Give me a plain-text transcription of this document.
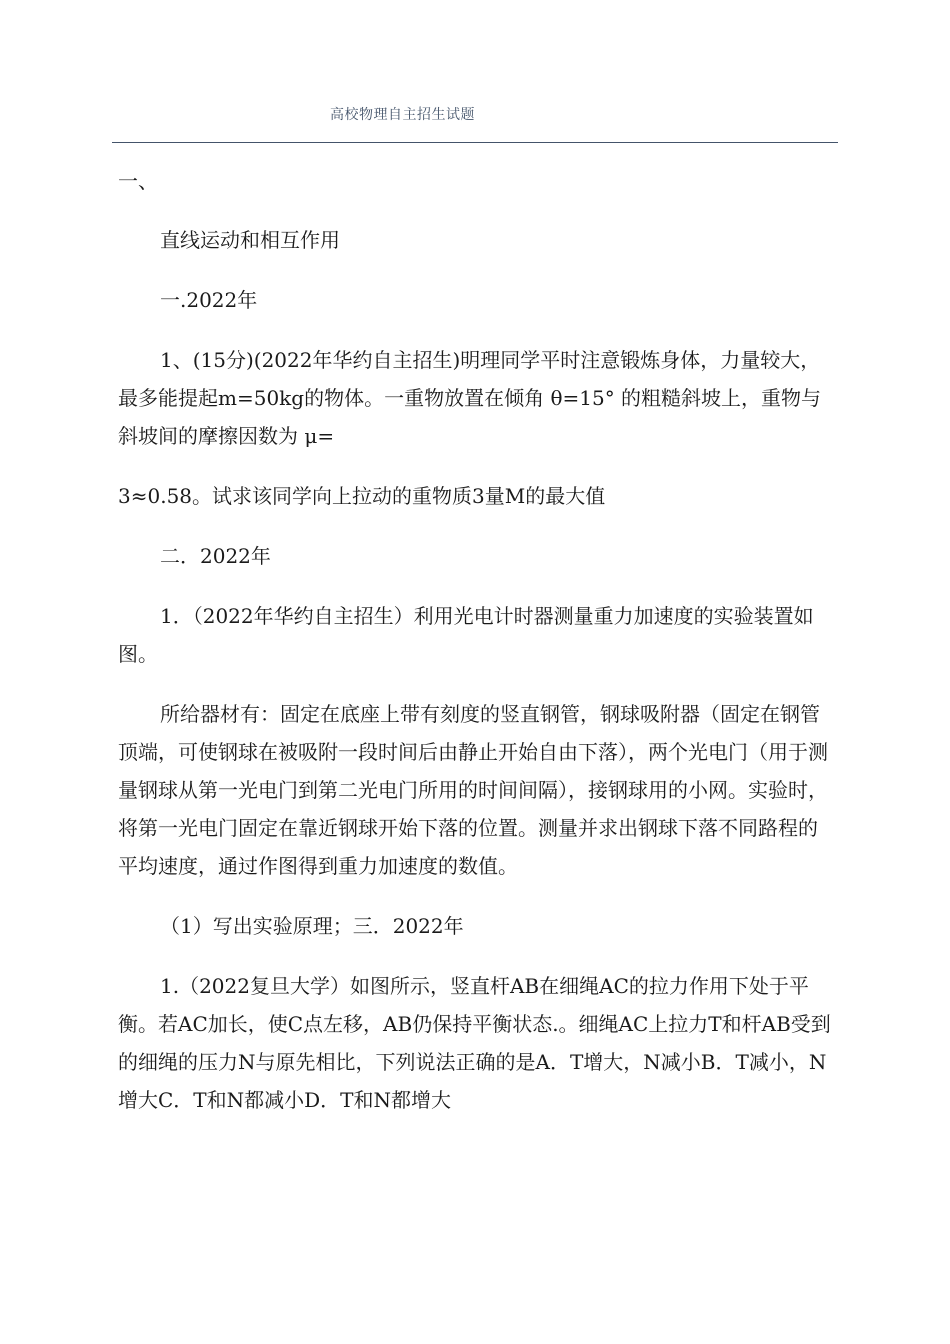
高校物理自主招生试题

一、

直线运动和相互作用

一.2022年

1、(15分)(2022年华约自主招生)明理同学平时注意锻炼身体，力量较大，最多能提起m=50kg的物体。一重物放置在倾角 θ=15° 的粗糙斜坡上，重物与斜坡间的摩擦因数为 μ=

3≈0.58。试求该同学向上拉动的重物质3量M的最大值

二．2022年

1．（2022年华约自主招生）利用光电计时器测量重力加速度的实验装置如图。

所给器材有：固定在底座上带有刻度的竖直钢管，钢球吸附器（固定在钢管顶端，可使钢球在被吸附一段时间后由静止开始自由下落），两个光电门（用于测量钢球从第一光电门到第二光电门所用的时间间隔），接钢球用的小网。实验时，将第一光电门固定在靠近钢球开始下落的位置。测量并求出钢球下落不同路程的平均速度，通过作图得到重力加速度的数值。

（1）写出实验原理；三．2022年

1.（2022复旦大学）如图所示，竖直杆AB在细绳AC的拉力作用下处于平衡。若AC加长，使C点左移，AB仍保持平衡状态.。细绳AC上拉力T和杆AB受到的细绳的压力N与原先相比，下列说法正确的是A．T增大，N减小B．T减小，N增大C．T和N都减小D．T和N都增大
